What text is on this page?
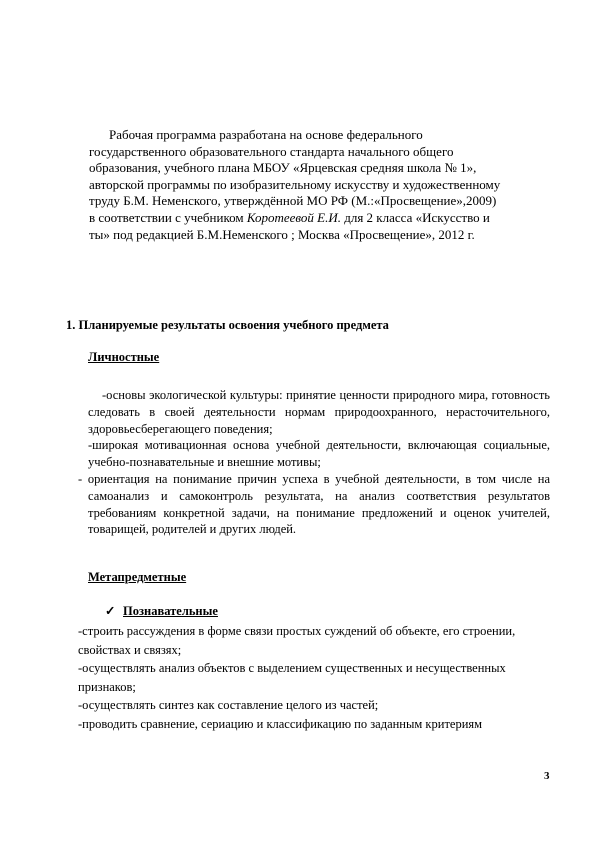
Рабочая программа разработана на основе федерального
государственного образовательного стандарта начального общего
образования, учебного плана МБОУ «Ярцевская средняя школа № 1»,
авторской программы по изобразительному искусству и художественному
труду Б.М. Неменского, утверждённой МО РФ (М.:«Просвещение»,2009)
в соответствии с учебником Коротеевой Е.И. для 2 класса «Искусство и
ты» под редакцией Б.М.Неменского ; Москва «Просвещение», 2012 г.
1. Планируемые результаты освоения учебного предмета
Личностные

-основы экологической культуры: принятие ценности природного мира, готовность следовать в своей деятельности нормам природоохранного, нерасточительного, здоровьесберегающего поведения;

-широкая мотивационная основа учебной деятельности, включающая социальные, учебно-познавательные и внешние мотивы;

- ориентация на понимание причин успеха в учебной деятельности, в том числе на самоанализ и самоконтроль результата, на анализ соответствия результатов требованиям конкретной задачи, на понимание предложений и оценок учителей, товарищей, родителей и других людей.

Метапредметные
✓ Познавательные

-строить рассуждения в форме связи простых суждений об объекте, его строении, свойствах и связях;

-осуществлять анализ объектов с выделением существенных и несущественных признаков;

-осуществлять синтез как составление целого из частей;

-проводить сравнение, сериацию и классификацию по заданным критериям

3
